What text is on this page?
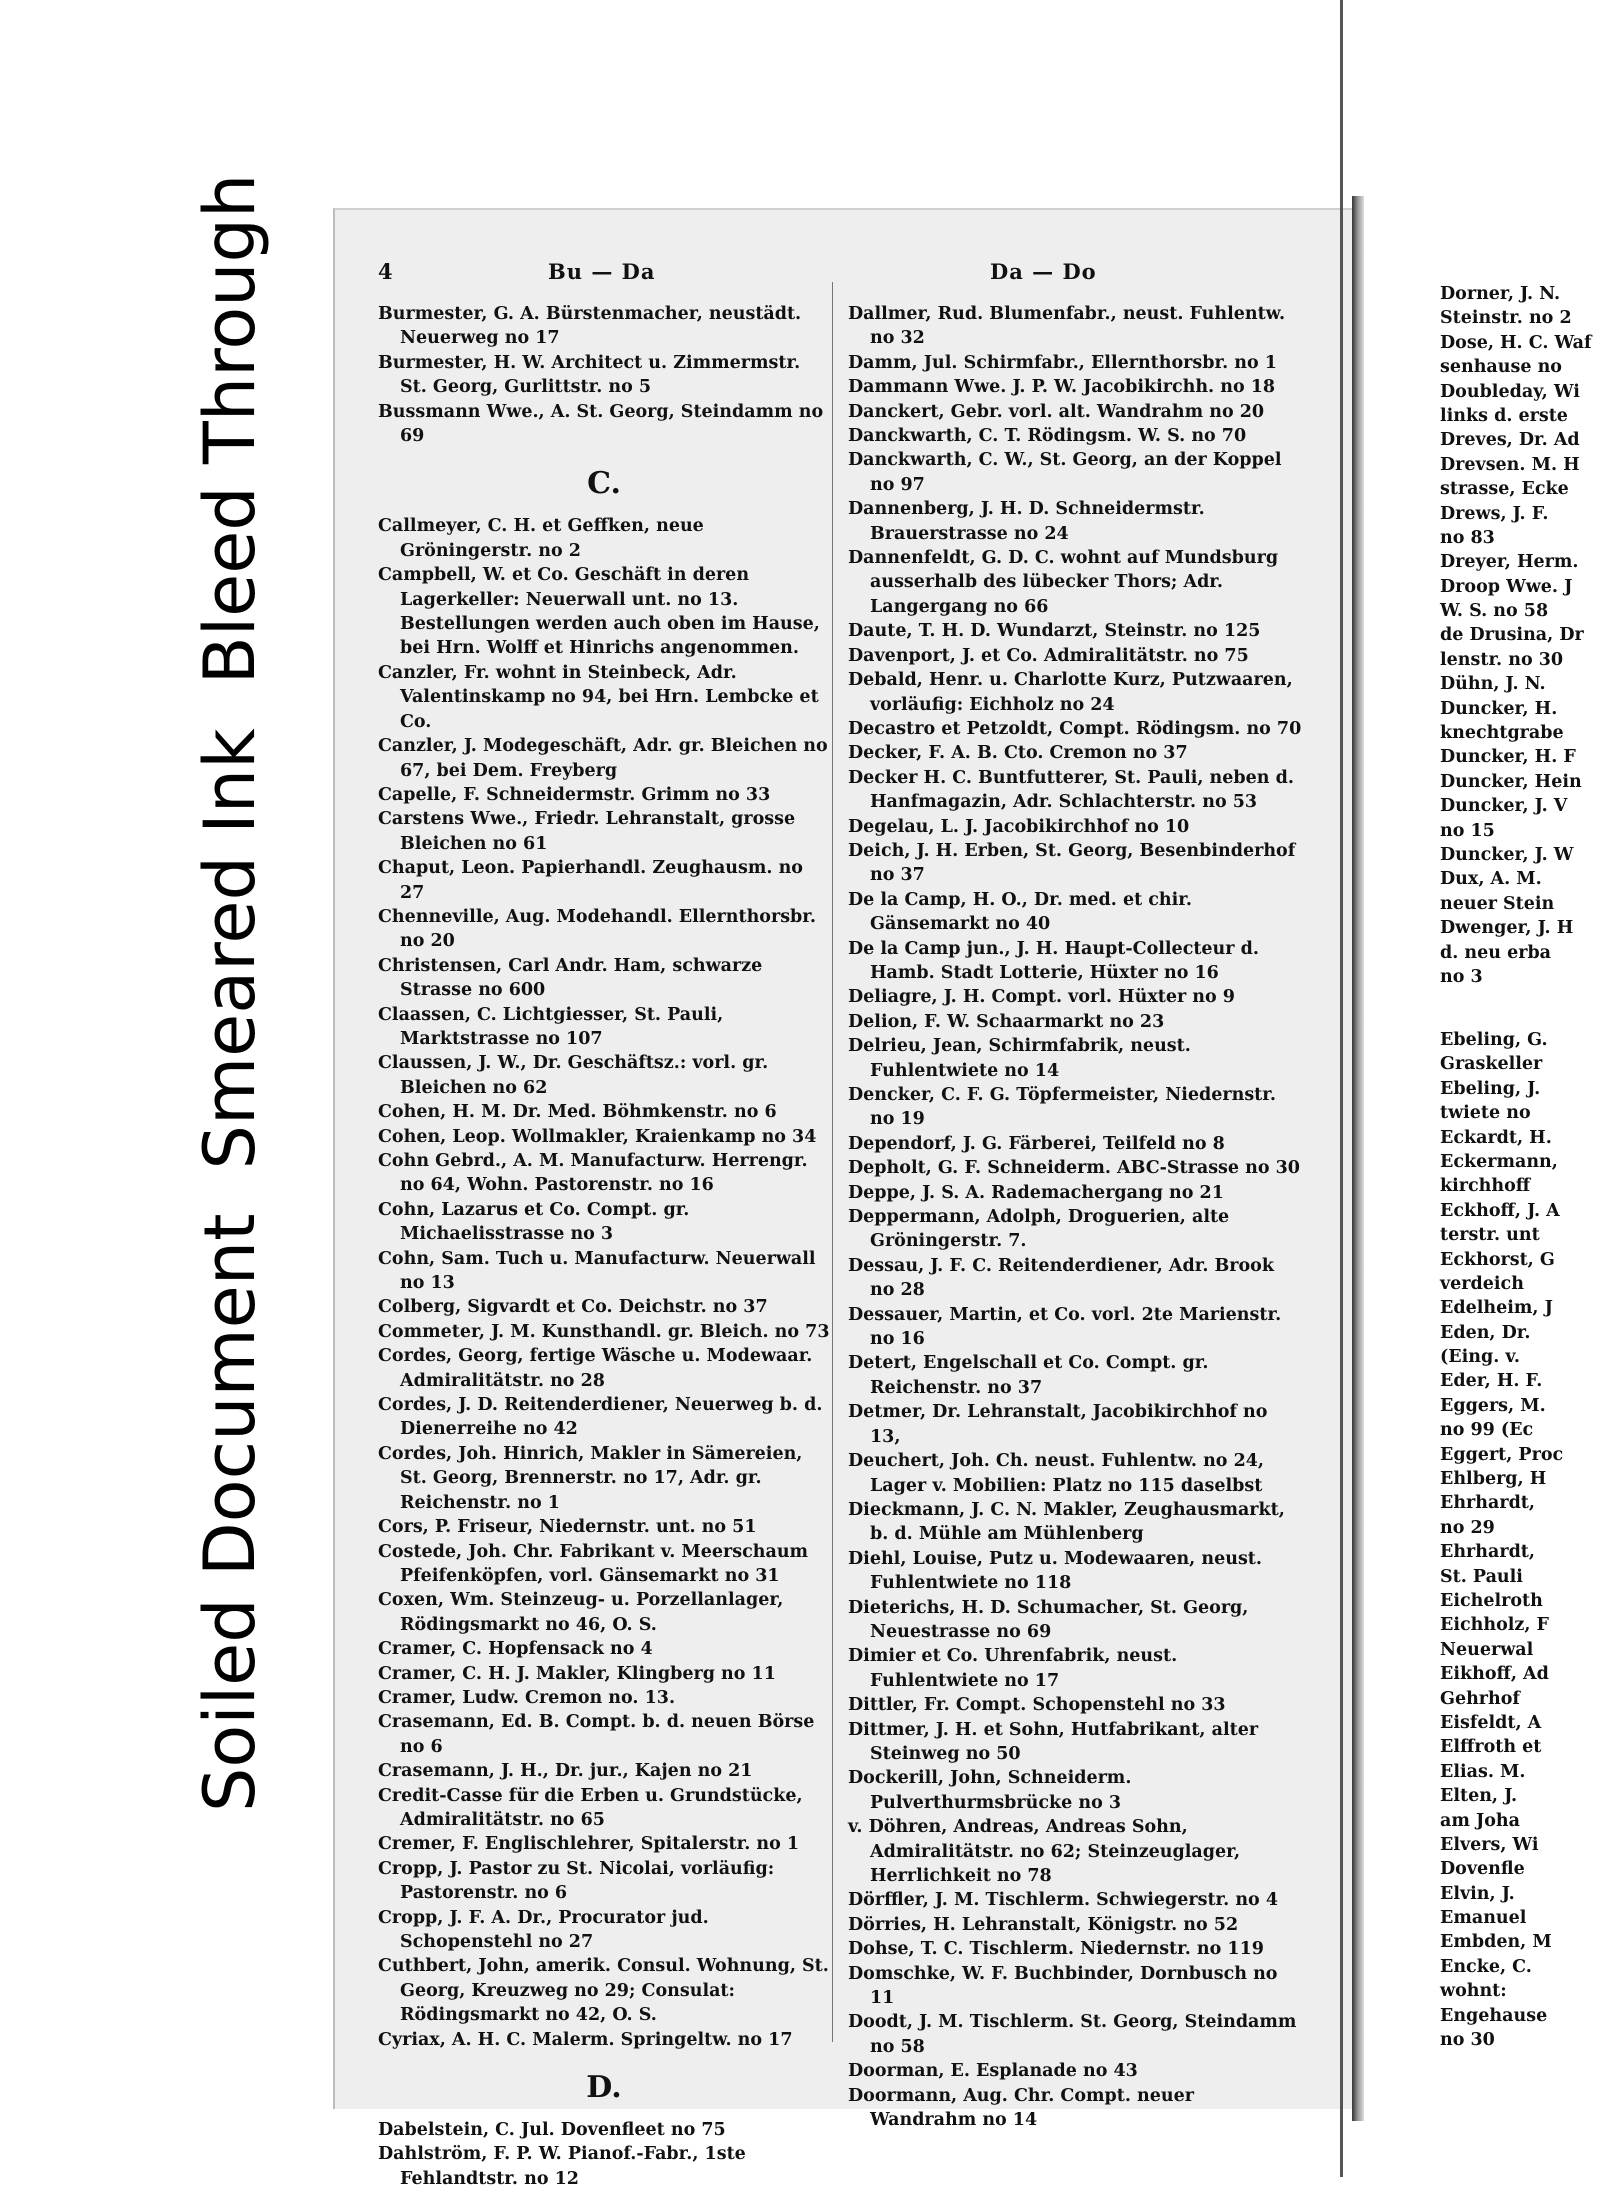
Soiled DocumentSmeared InkBleed Through	4	Bu — Da	Da — Do
Burmester, G. A. Bürstenmacher, neustädt. Neuerweg no 17
Burmester, H. W. Architect u. Zimmermstr. St. Georg, Gurlittstr. no 5
Bussmann Wwe., A. St. Georg, Steindamm no 69
C.
Callmeyer, C. H. et Geffken, neue Gröningerstr. no 2
Campbell, W. et Co. Geschäft in deren Lagerkeller: Neuerwall unt. no 13. Bestellungen werden auch oben im Hause, bei Hrn. Wolff et Hinrichs angenommen.
Canzler, Fr. wohnt in Steinbeck, Adr. Valentinskamp no 94, bei Hrn. Lembcke et Co.
Canzler, J. Modegeschäft, Adr. gr. Bleichen no 67, bei Dem. Freyberg
Capelle, F. Schneidermstr. Grimm no 33
Carstens Wwe., Friedr. Lehranstalt, grosse Bleichen no 61
Chaput, Leon. Papierhandl. Zeughausm. no 27
Chenneville, Aug. Modehandl. Ellernthorsbr. no 20
Christensen, Carl Andr. Ham, schwarze Strasse no 600
Claassen, C. Lichtgiesser, St. Pauli, Marktstrasse no 107
Claussen, J. W., Dr. Geschäftsz.: vorl. gr. Bleichen no 62
Cohen, H. M. Dr. Med. Böhmkenstr. no 6
Cohen, Leop. Wollmakler, Kraienkamp no 34
Cohn Gebrd., A. M. Manufacturw. Herrengr. no 64, Wohn. Pastorenstr. no 16
Cohn, Lazarus et Co. Compt. gr. Michaelisstrasse no 3
Cohn, Sam. Tuch u. Manufacturw. Neuerwall no 13
Colberg, Sigvardt et Co. Deichstr. no 37
Commeter, J. M. Kunsthandl. gr. Bleich. no 73
Cordes, Georg, fertige Wäsche u. Modewaar. Admiralitätstr. no 28
Cordes, J. D. Reitenderdiener, Neuerweg b. d. Dienerreihe no 42
Cordes, Joh. Hinrich, Makler in Sämereien, St. Georg, Brennerstr. no 17, Adr. gr. Reichenstr. no 1
Cors, P. Friseur, Niedernstr. unt. no 51
Costede, Joh. Chr. Fabrikant v. Meerschaum Pfeifenköpfen, vorl. Gänsemarkt no 31
Coxen, Wm. Steinzeug- u. Porzellanlager, Rödingsmarkt no 46, O. S.
Cramer, C. Hopfensack no 4
Cramer, C. H. J. Makler, Klingberg no 11
Cramer, Ludw. Cremon no. 13.
Crasemann, Ed. B. Compt. b. d. neuen Börse no 6
Crasemann, J. H., Dr. jur., Kajen no 21
Credit-Casse für die Erben u. Grundstücke, Admiralitätstr. no 65
Cremer, F. Englischlehrer, Spitalerstr. no 1
Cropp, J. Pastor zu St. Nicolai, vorläufig: Pastorenstr. no 6
Cropp, J. F. A. Dr., Procurator jud. Schopenstehl no 27
Cuthbert, John, amerik. Consul. Wohnung, St. Georg, Kreuzweg no 29; Consulat: Rödingsmarkt no 42, O. S.
Cyriax, A. H. C. Malerm. Springeltw. no 17
D.
Dabelstein, C. Jul. Dovenfleet no 75
Dahlström, F. P. W. Pianof.-Fabr., 1ste Fehlandtstr. no 12
Dallmer, Rud. Blumenfabr., neust. Fuhlentw. no 32
Damm, Jul. Schirmfabr., Ellernthorsbr. no 1
Dammann Wwe. J. P. W. Jacobikirchh. no 18
Danckert, Gebr. vorl. alt. Wandrahm no 20
Danckwarth, C. T. Rödingsm. W. S. no 70
Danckwarth, C. W., St. Georg, an der Koppel no 97
Dannenberg, J. H. D. Schneidermstr. Brauerstrasse no 24
Dannenfeldt, G. D. C. wohnt auf Mundsburg ausserhalb des lübecker Thors; Adr. Langergang no 66
Daute, T. H. D. Wundarzt, Steinstr. no 125
Davenport, J. et Co. Admiralitätstr. no 75
Debald, Henr. u. Charlotte Kurz, Putzwaaren, vorläufig: Eichholz no 24
Decastro et Petzoldt, Compt. Rödingsm. no 70
Decker, F. A. B. Cto. Cremon no 37
Decker H. C. Buntfutterer, St. Pauli, neben d. Hanfmagazin, Adr. Schlachterstr. no 53
Degelau, L. J. Jacobikirchhof no 10
Deich, J. H. Erben, St. Georg, Besenbinderhof no 37
De la Camp, H. O., Dr. med. et chir. Gänsemarkt no 40
De la Camp jun., J. H. Haupt-Collecteur d. Hamb. Stadt Lotterie, Hüxter no 16
Deliagre, J. H. Compt. vorl. Hüxter no 9
Delion, F. W. Schaarmarkt no 23
Delrieu, Jean, Schirmfabrik, neust. Fuhlentwiete no 14
Dencker, C. F. G. Töpfermeister, Niedernstr. no 19
Dependorf, J. G. Färberei, Teilfeld no 8
Depholt, G. F. Schneiderm. ABC-Strasse no 30
Deppe, J. S. A. Rademachergang no 21
Deppermann, Adolph, Droguerien, alte Gröningerstr. 7.
Dessau, J. F. C. Reitenderdiener, Adr. Brook no 28
Dessauer, Martin, et Co. vorl. 2te Marienstr. no 16
Detert, Engelschall et Co. Compt. gr. Reichenstr. no 37
Detmer, Dr. Lehranstalt, Jacobikirchhof no 13,
Deuchert, Joh. Ch. neust. Fuhlentw. no 24, Lager v. Mobilien: Platz no 115 daselbst
Dieckmann, J. C. N. Makler, Zeughausmarkt, b. d. Mühle am Mühlenberg
Diehl, Louise, Putz u. Modewaaren, neust. Fuhlentwiete no 118
Dieterichs, H. D. Schumacher, St. Georg, Neuestrasse no 69
Dimier et Co. Uhrenfabrik, neust. Fuhlentwiete no 17
Dittler, Fr. Compt. Schopenstehl no 33
Dittmer, J. H. et Sohn, Hutfabrikant, alter Steinweg no 50
Dockerill, John, Schneiderm. Pulverthurmsbrücke no 3
v. Döhren, Andreas, Andreas Sohn, Admiralitätstr. no 62; Steinzeuglager, Herrlichkeit no 78
Dörffler, J. M. Tischlerm. Schwiegerstr. no 4
Dörries, H. Lehranstalt, Königstr. no 52
Dohse, T. C. Tischlerm. Niedernstr. no 119
Domschke, W. F. Buchbinder, Dornbusch no 11
Doodt, J. M. Tischlerm. St. Georg, Steindamm no 58
Doorman, E. Esplanade no 43
Doormann, Aug. Chr. Compt. neuer Wandrahm no 14
Dorner, J. N.
Steinstr. no 2
Dose, H. C. Waf
senhause no
Doubleday, Wi
links d. erste
Dreves, Dr. Ad
Drevsen. M. H
strasse, Ecke
Drews, J. F.
no 83
Dreyer, Herm.
Droop Wwe. J
W. S. no 58
de Drusina, Dr
lenstr. no 30
Dühn, J. N.
Duncker, H.
knechtgrabe
Duncker, H. F
Duncker, Hein
Duncker, J. V
no 15
Duncker, J. W
Dux, A. M.
neuer Stein
Dwenger, J. H
d. neu erba
no 3
Ebeling, G.
Graskeller
Ebeling, J.
twiete no
Eckardt, H.
Eckermann,
kirchhoff
Eckhoff, J. A
terstr. unt
Eckhorst, G
verdeich
Edelheim, J
Eden, Dr.
(Eing. v.
Eder, H. F.
Eggers, M.
no 99 (Ec
Eggert, Proc
Ehlberg, H
Ehrhardt,
no 29
Ehrhardt,
St. Pauli
Eichelroth
Eichholz, F
Neuerwal
Eikhoff, Ad
Gehrhof
Eisfeldt, A
Elffroth et
Elias. M.
Elten, J.
am Joha
Elvers, Wi
Dovenfle
Elvin, J.
Emanuel
Embden, M
Encke, C.
wohnt:
Engehause
no 30
